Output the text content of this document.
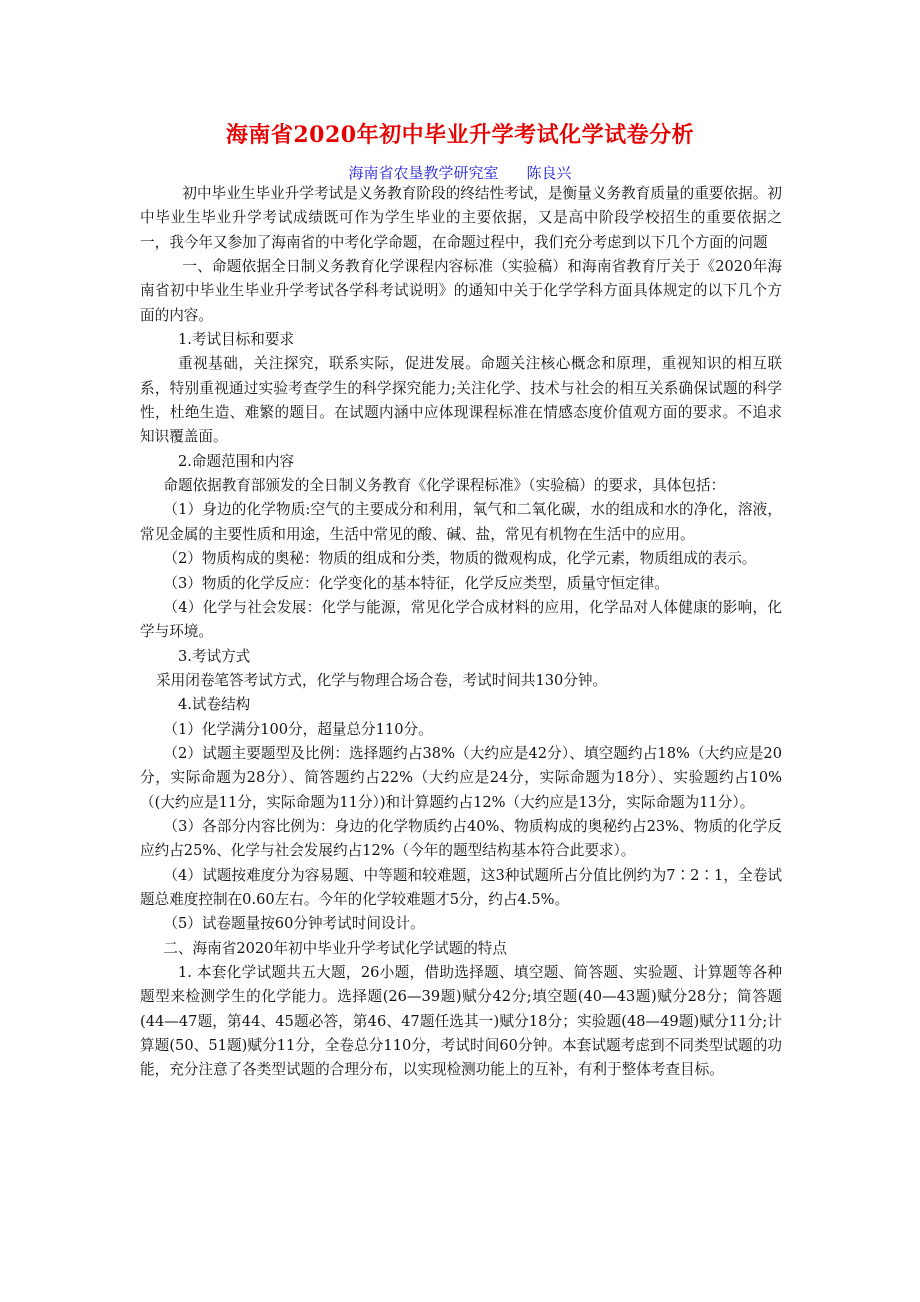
海南省2020年初中毕业升学考试化学试卷分析
海南省农垦教学研究室 陈良兴

初中毕业生毕业升学考试是义务教育阶段的终结性考试，是衡量义务教育质量的重要依据。初中毕业生毕业升学考试成绩既可作为学生毕业的主要依据，又是高中阶段学校招生的重要依据之一，我今年又参加了海南省的中考化学命题，在命题过程中，我们充分考虑到以下几个方面的问题

一、命题依据全日制义务教育化学课程内容标准（实验稿）和海南省教育厅关于《2020年海南省初中毕业生毕业升学考试各学科考试说明》的通知中关于化学学科方面具体规定的以下几个方面的内容。

1.考试目标和要求

重视基础，关注探究，联系实际，促进发展。命题关注核心概念和原理，重视知识的相互联系，特别重视通过实验考查学生的科学探究能力;关注化学、技术与社会的相互关系确保试题的科学性，杜绝生造、难繁的题目。在试题内涵中应体现课程标准在情感态度价值观方面的要求。不追求知识覆盖面。

2.命题范围和内容

命题依据教育部颁发的全日制义务教育《化学课程标准》（实验稿）的要求，具体包括：

（1）身边的化学物质:空气的主要成分和利用，氧气和二氧化碳，水的组成和水的净化，溶液，常见金属的主要性质和用途，生活中常见的酸、碱、盐，常见有机物在生活中的应用。

（2）物质构成的奥秘：物质的组成和分类，物质的微观构成，化学元素，物质组成的表示。

（3）物质的化学反应：化学变化的基本特征，化学反应类型，质量守恒定律。

（4）化学与社会发展：化学与能源，常见化学合成材料的应用，化学品对人体健康的影响，化学与环境。

3.考试方式

采用闭卷笔答考试方式，化学与物理合场合卷，考试时间共130分钟。

4.试卷结构

（1）化学满分100分，超量总分110分。

（2）试题主要题型及比例：选择题约占38%（大约应是42分）、填空题约占18%（大约应是20分，实际命题为28分）、简答题约占22%（大约应是24分，实际命题为18分）、实验题约占10%（(大约应是11分，实际命题为11分）)和计算题约占12%（大约应是13分，实际命题为11分）。

（3）各部分内容比例为：身边的化学物质约占40%、物质构成的奥秘约占23%、物质的化学反应约占25%、化学与社会发展约占12%（今年的题型结构基本符合此要求）。

（4）试题按难度分为容易题、中等题和较难题，这3种试题所占分值比例约为7∶2∶1，全卷试题总难度控制在0.60左右。今年的化学较难题才5分，约占4.5%。

（5）试卷题量按60分钟考试时间设计。

二、海南省2020年初中毕业升学考试化学试题的特点

1. 本套化学试题共五大题，26小题，借助选择题、填空题、简答题、实验题、计算题等各种题型来检测学生的化学能力。选择题(26—39题)赋分42分;填空题(40—43题)赋分28分；简答题(44—47题，第44、45题必答，第46、47题任选其一)赋分18分；实验题(48—49题)赋分11分;计算题(50、51题)赋分11分，全卷总分110分，考试时间60分钟。本套试题考虑到不同类型试题的功能，充分注意了各类型试题的合理分布，以实现检测功能上的互补，有利于整体考查目标。
